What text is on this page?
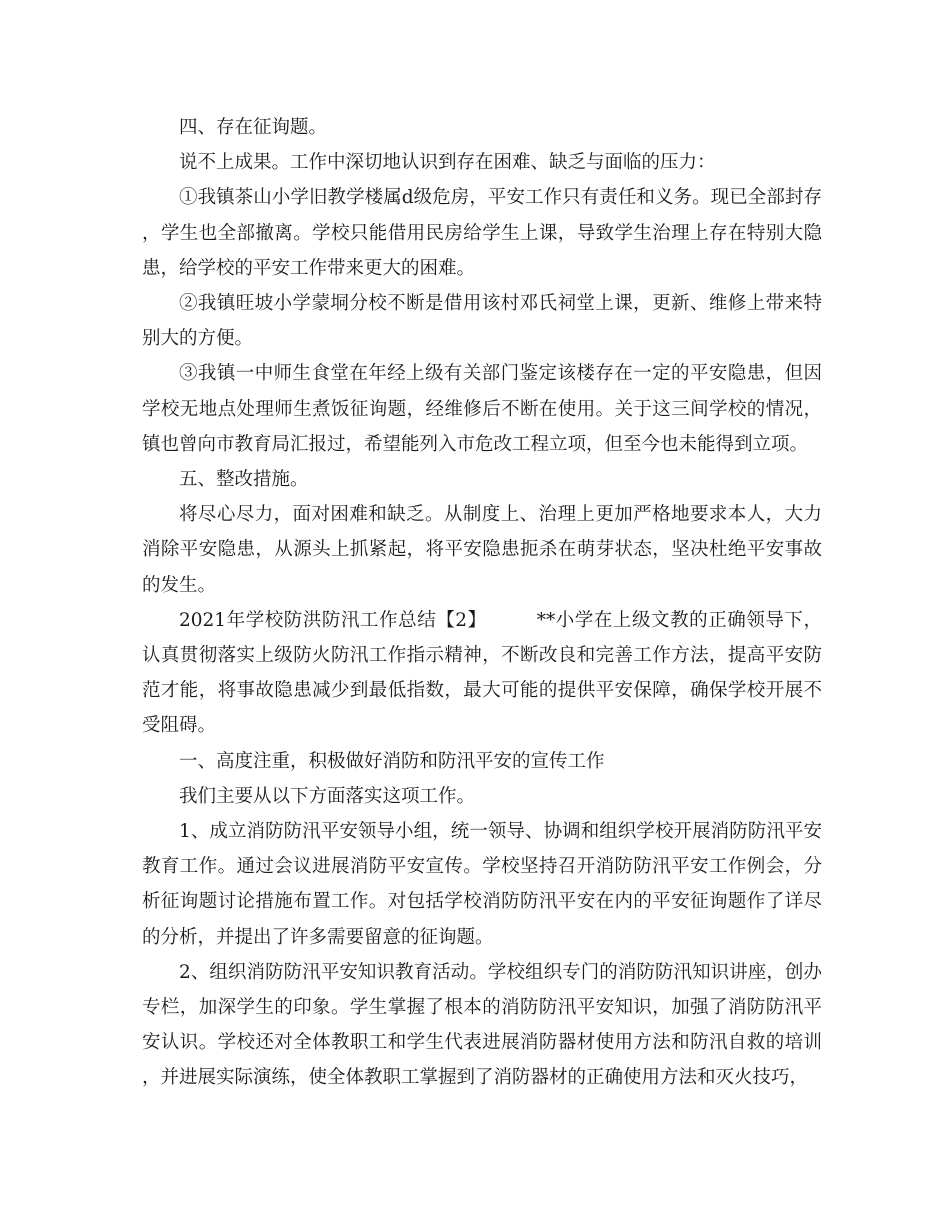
四、存在征询题。

说不上成果。工作中深切地认识到存在困难、缺乏与面临的压力：

①我镇茶山小学旧教学楼属d级危房，平安工作只有责任和义务。现已全部封存，学生也全部撤离。学校只能借用民房给学生上课，导致学生治理上存在特别大隐患，给学校的平安工作带来更大的困难。

②我镇旺坡小学蒙垌分校不断是借用该村邓氏祠堂上课，更新、维修上带来特别大的方便。

③我镇一中师生食堂在年经上级有关部门鉴定该楼存在一定的平安隐患，但因学校无地点处理师生煮饭征询题，经维修后不断在使用。关于这三间学校的情况，镇也曾向市教育局汇报过，希望能列入市危改工程立项，但至今也未能得到立项。

五、整改措施。

将尽心尽力，面对困难和缺乏。从制度上、治理上更加严格地要求本人，大力消除平安隐患，从源头上抓紧起，将平安隐患扼杀在萌芽状态，坚决杜绝平安事故的发生。

2021年学校防洪防汛工作总结【2】	**小学在上级文教的正确领导下，认真贯彻落实上级防火防汛工作指示精神，不断改良和完善工作方法，提高平安防范才能，将事故隐患减少到最低指数，最大可能的提供平安保障，确保学校开展不受阻碍。

一、高度注重，积极做好消防和防汛平安的宣传工作

我们主要从以下方面落实这项工作。

1、成立消防防汛平安领导小组，统一领导、协调和组织学校开展消防防汛平安教育工作。通过会议进展消防平安宣传。学校坚持召开消防防汛平安工作例会，分析征询题讨论措施布置工作。对包括学校消防防汛平安在内的平安征询题作了详尽的分析，并提出了许多需要留意的征询题。

2、组织消防防汛平安知识教育活动。学校组织专门的消防防汛知识讲座，创办专栏，加深学生的印象。学生掌握了根本的消防防汛平安知识，加强了消防防汛平安认识。学校还对全体教职工和学生代表进展消防器材使用方法和防汛自救的培训，并进展实际演练，使全体教职工掌握到了消防器材的正确使用方法和灭火技巧，
